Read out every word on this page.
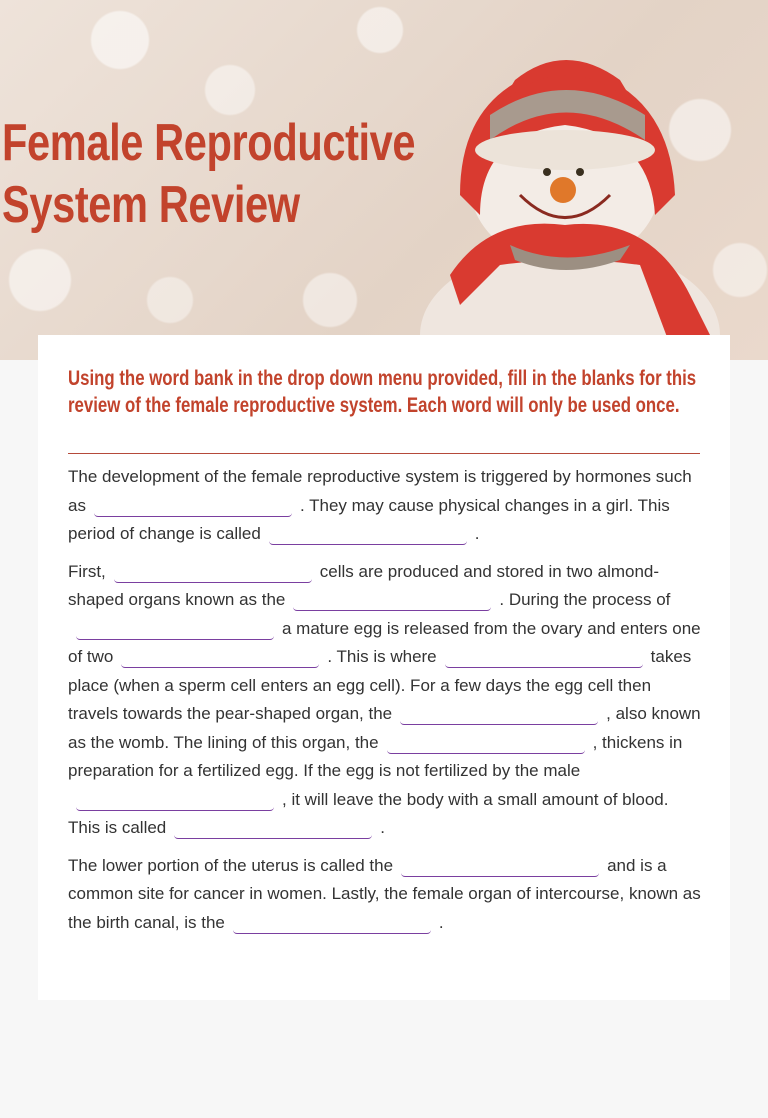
Female Reproductive
System Review

Using the word bank in the drop down menu provided, fill in the blanks for this review of the female reproductive system. Each word will only be used once.

The development of the female reproductive system is triggered by hormones such as	. They may cause physical changes in a girl. This period of change is called	.

First,	cells are produced and stored in two almond-shaped organs known as the	. During the process ofa mature egg is released from the ovary and enters one of two	. This is where	takes place (when a sperm cell enters an egg cell). For a few days the egg cell then travels towards the pear-shaped organ, the	, also known as the womb. The lining of this organ, the	, thickens in preparation for a fertilized egg. If the egg is not fertilized by the male, it will leave the body with a small amount of blood. This is called	.

The lower portion of the uterus is called the	and is a common site for cancer in women. Lastly, the female organ of intercourse, known as the birth canal, is the	.
